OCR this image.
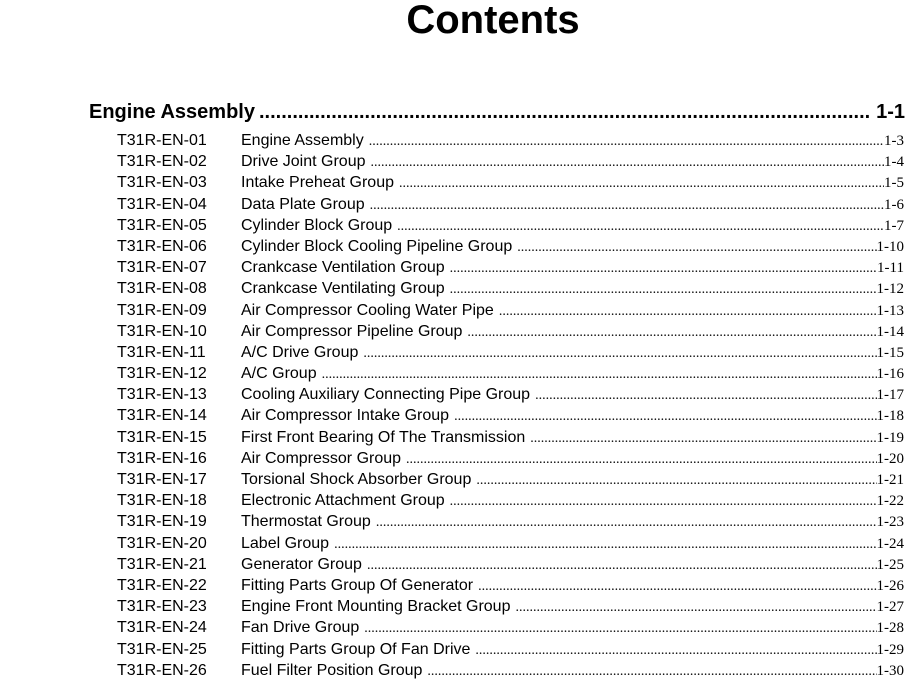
Contents
Engine Assembly .....	1-1
T31R-EN-01	Engine Assembly .....	1-3
T31R-EN-02	Drive Joint Group .....	1-4
T31R-EN-03	Intake Preheat Group .....	1-5
T31R-EN-04	Data Plate Group .....	1-6
T31R-EN-05	Cylinder Block Group .....	1-7
T31R-EN-06	Cylinder Block Cooling Pipeline Group .....	1-10
T31R-EN-07	Crankcase Ventilation Group .....	1-11
T31R-EN-08	Crankcase Ventilating Group .....	1-12
T31R-EN-09	Air Compressor Cooling Water Pipe .....	1-13
T31R-EN-10	Air Compressor Pipeline Group .....	1-14
T31R-EN-11	A/C Drive Group .....	1-15
T31R-EN-12	A/C Group .....	1-16
T31R-EN-13	Cooling Auxiliary Connecting Pipe Group .....	1-17
T31R-EN-14	Air Compressor Intake Group .....	1-18
T31R-EN-15	First Front Bearing Of The Transmission .....	1-19
T31R-EN-16	Air Compressor Group .....	1-20
T31R-EN-17	Torsional Shock Absorber Group .....	1-21
T31R-EN-18	Electronic Attachment Group .....	1-22
T31R-EN-19	Thermostat Group .....	1-23
T31R-EN-20	Label Group .....	1-24
T31R-EN-21	Generator Group .....	1-25
T31R-EN-22	Fitting Parts Group Of Generator .....	1-26
T31R-EN-23	Engine Front Mounting Bracket Group .....	1-27
T31R-EN-24	Fan Drive Group .....	1-28
T31R-EN-25	Fitting Parts Group Of Fan Drive .....	1-29
T31R-EN-26	Fuel Filter Position Group .....	1-30
